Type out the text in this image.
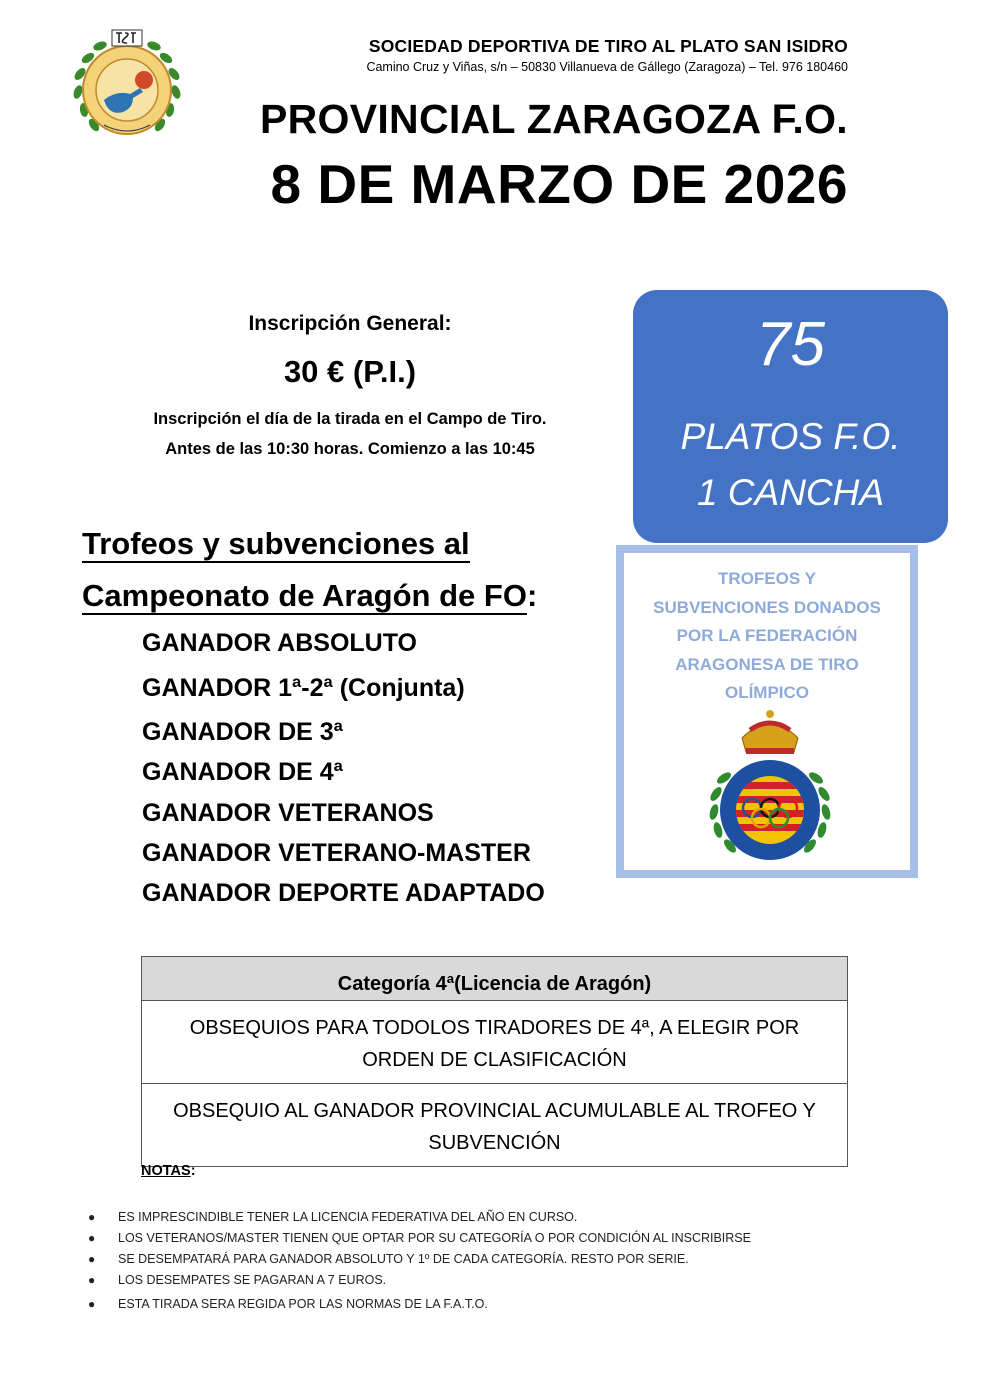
SOCIEDAD DEPORTIVA DE TIRO AL PLATO SAN ISIDRO
Camino Cruz y Viñas, s/n – 50830 Villanueva de Gállego (Zaragoza) – Tel. 976 180460
PROVINCIAL ZARAGOZA F.O.
8 DE MARZO DE 2026
Inscripción General:
30 € (P.I.)
Inscripción el día de la tirada en el Campo de Tiro.
Antes de las 10:30 horas. Comienzo a las 10:45
75
PLATOS F.O.
1 CANCHA
TROFEOS Y
SUBVENCIONES DONADOS
POR LA FEDERACIÓN
ARAGONESA DE TIRO
OLÍMPICO
Trofeos y subvenciones al
Campeonato de Aragón de FO:
GANADOR ABSOLUTO
GANADOR 1ª-2ª (Conjunta)
GANADOR DE 3ª
GANADOR DE 4ª
GANADOR VETERANOS
GANADOR VETERANO-MASTER
GANADOR DEPORTE ADAPTADO
Categoría 4ª(Licencia de Aragón)
OBSEQUIOS PARA TODOLOS TIRADORES DE 4ª, A ELEGIR POR ORDEN DE CLASIFICACIÓN
OBSEQUIO AL GANADOR PROVINCIAL ACUMULABLE AL TROFEO Y SUBVENCIÓN
NOTAS:
● ES IMPRESCINDIBLE TENER LA LICENCIA FEDERATIVA DEL AÑO EN CURSO.
● LOS VETERANOS/MASTER TIENEN QUE OPTAR POR SU CATEGORÍA O POR CONDICIÓN AL INSCRIBIRSE
● SE DESEMPATARÁ PARA GANADOR ABSOLUTO Y 1º DE CADA CATEGORÍA. RESTO POR SERIE.
● LOS DESEMPATES SE PAGARAN A 7 EUROS.
● ESTA TIRADA SERA REGIDA POR LAS NORMAS DE LA F.A.T.O.
